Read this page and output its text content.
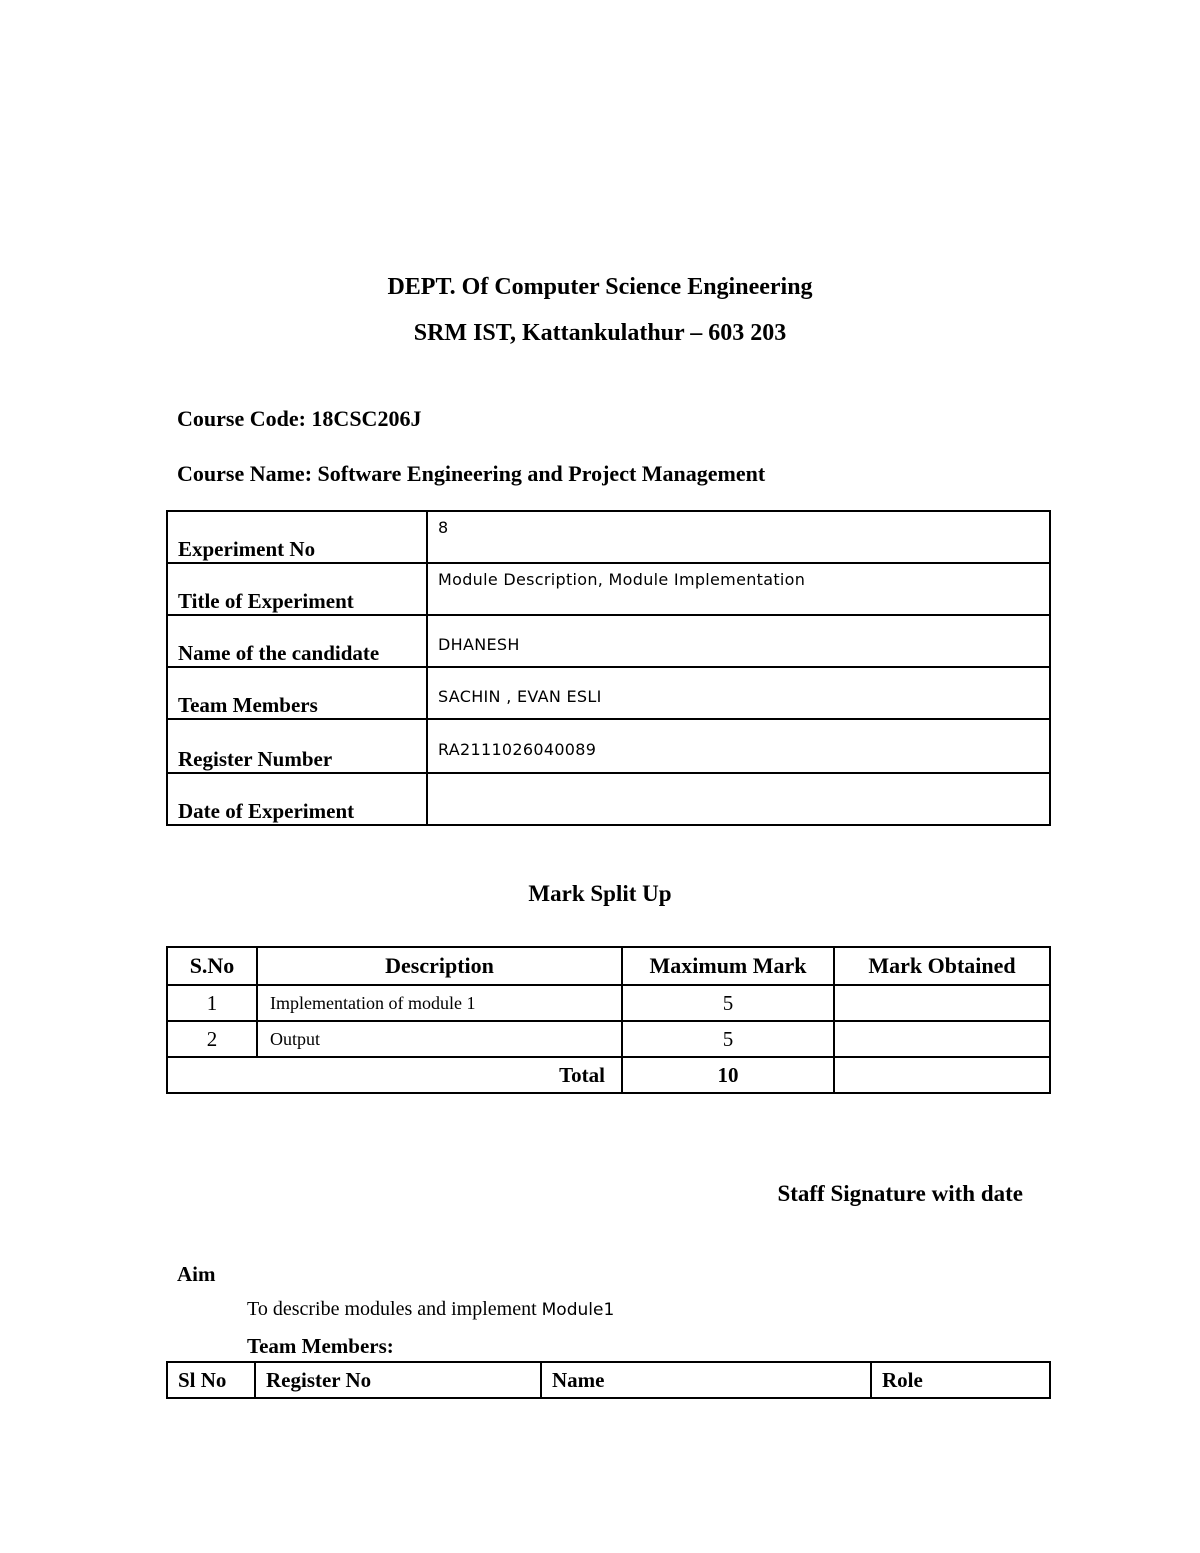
DEPT. Of Computer Science Engineering
SRM IST, Kattankulathur – 603 203
Course Code: 18CSC206J
Course Name: Software Engineering and Project Management
Experiment No	8
Title of Experiment	Module Description, Module Implementation
Name of the candidate	DHANESH
Team Members	SACHIN , EVAN ESLI
Register Number	RA2111026040089
Date of Experiment	
Mark Split Up
S.No	Description	Maximum Mark	Mark Obtained
1	Implementation of module 1	5	
2	Output	5	
Total		10	
Staff Signature with date
Aim
To describe modules and implement Module1
Team Members:
Sl No	Register No	Name	Role
